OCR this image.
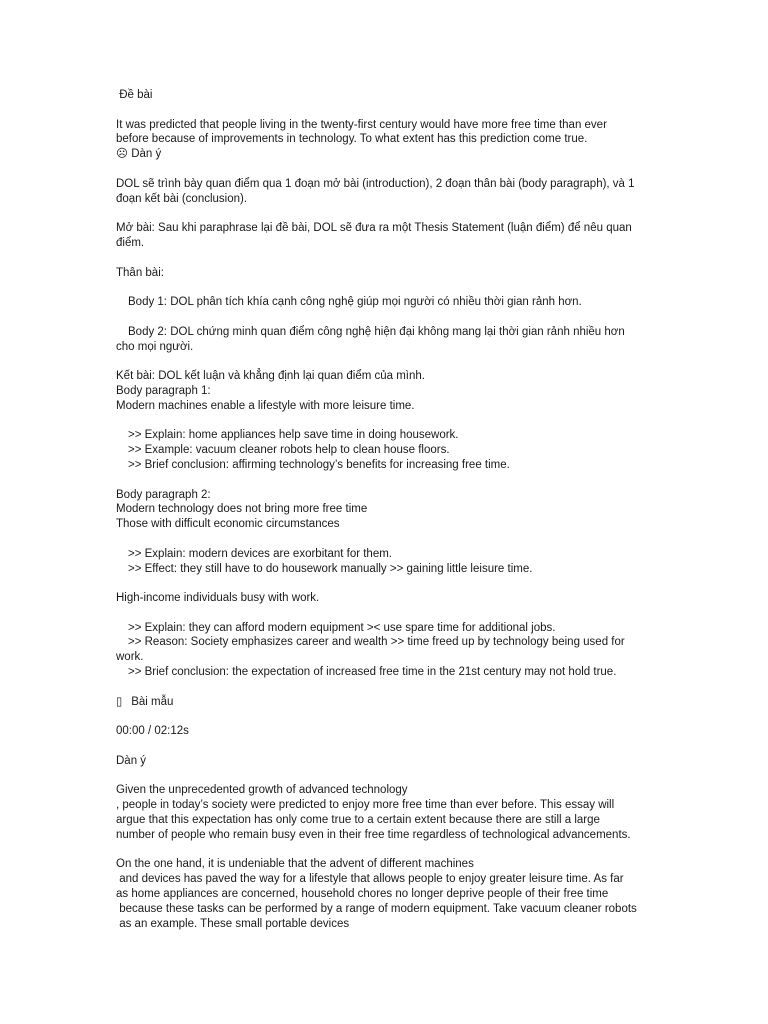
Đề bài

It was predicted that people living in the twenty-first century would have more free time than ever

before because of improvements in technology. To what extent has this prediction come true.

☹ Dàn ý

DOL sẽ trình bày quan điểm qua 1 đoạn mở bài (introduction), 2 đoạn thân bài (body paragraph), và 1

đoạn kết bài (conclusion).

Mở bài: Sau khi paraphrase lại đề bài, DOL sẽ đưa ra một Thesis Statement (luận điểm) để nêu quan

điểm.

Thân bài:

Body 1: DOL phân tích khía cạnh công nghệ giúp mọi người có nhiều thời gian rảnh hơn.

Body 2: DOL chứng minh quan điểm công nghệ hiện đại không mang lại thời gian rảnh nhiều hơn

cho mọi người.

Kết bài: DOL kết luận và khẳng định lại quan điểm của mình.

Body paragraph 1:

Modern machines enable a lifestyle with more leisure time.

>> Explain: home appliances help save time in doing housework.

>> Example: vacuum cleaner robots help to clean house floors.

>> Brief conclusion: affirming technology’s benefits for increasing free time.

Body paragraph 2:

Modern technology does not bring more free time

Those with difficult economic circumstances

>> Explain: modern devices are exorbitant for them.

>> Effect: they still have to do housework manually >> gaining little leisure time.

High-income individuals busy with work.

>> Explain: they can afford modern equipment >< use spare time for additional jobs.

>> Reason: Society emphasizes career and wealth >> time freed up by technology being used for

work.

>> Brief conclusion: the expectation of increased free time in the 21st century may not hold true.

▯ Bài mẫu

00:00 / 02:12s

Dàn ý

Given the unprecedented growth of advanced technology

, people in today’s society were predicted to enjoy more free time than ever before. This essay will

argue that this expectation has only come true to a certain extent because there are still a large

number of people who remain busy even in their free time regardless of technological advancements.

On the one hand, it is undeniable that the advent of different machines

and devices has paved the way for a lifestyle that allows people to enjoy greater leisure time. As far

as home appliances are concerned, household chores no longer deprive people of their free time

because these tasks can be performed by a range of modern equipment. Take vacuum cleaner robots

as an example. These small portable devices
